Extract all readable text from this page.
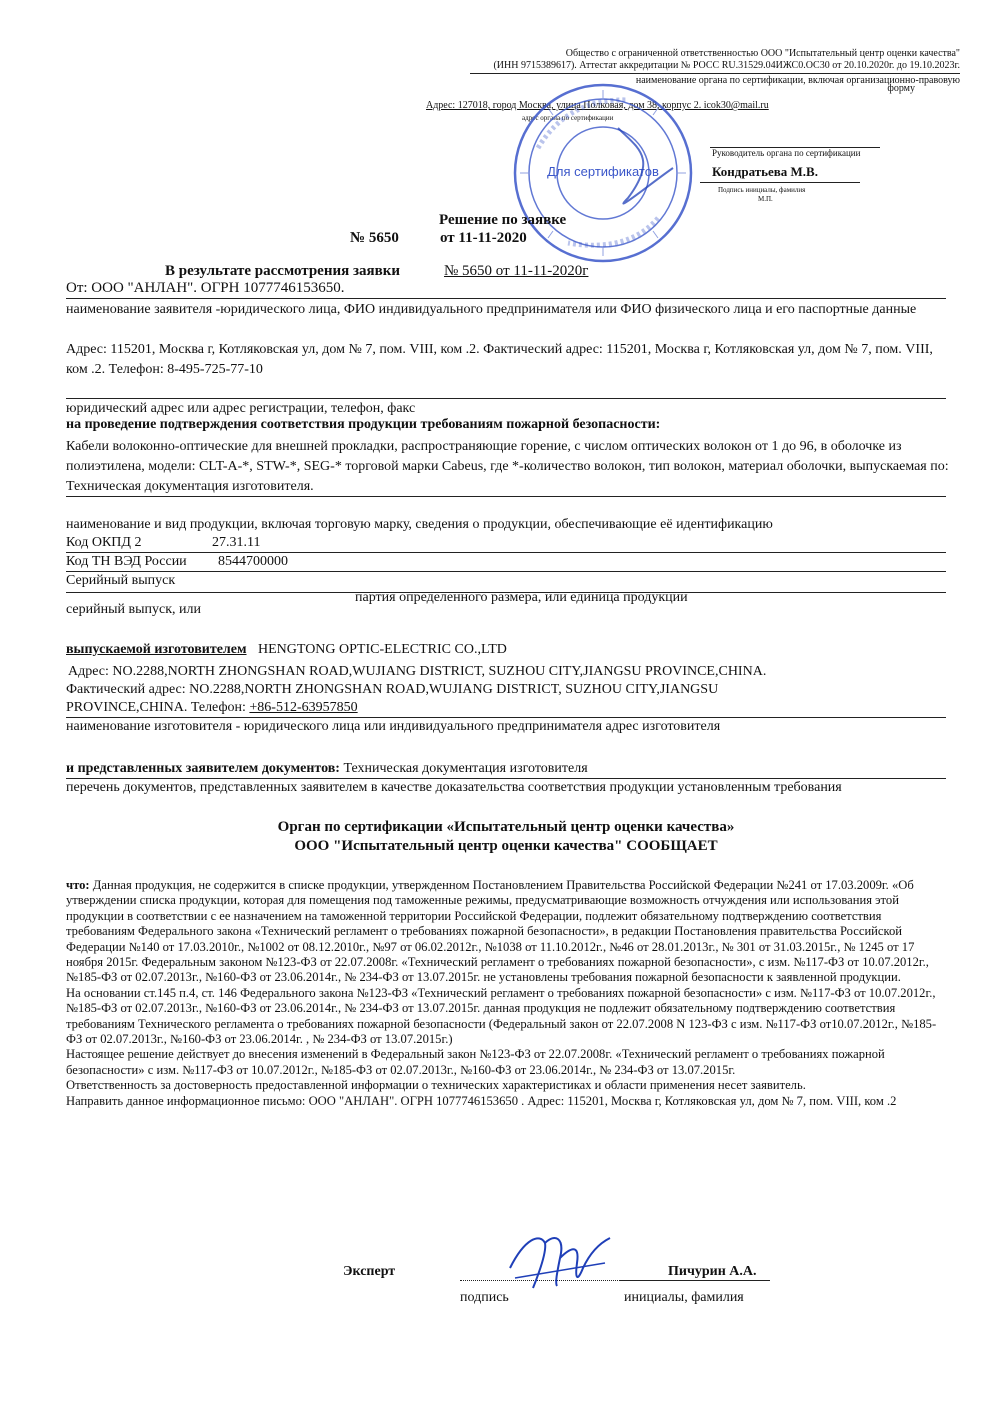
Общество с ограниченной ответственностью ООО "Испытательный центр оценки качества"
(ИНН 9715389617). Аттестат аккредитации № РОСС RU.31529.04ИЖС0.ОС30 от 20.10.2020г. до 19.10.2023г.
наименование органа по сертификации, включая организационно-правовую
форму
Адрес: 127018, город Москва, улица Полковая, дом 38, корпус 2. icok30@mail.ru
адрес органа по сертификации
Руководитель органа по сертификации
Кондратьева М.В.
Подпись инициалы, фамилия
М.П.
Для сертификатов
Решение по заявке
№ 5650	от 11-11-2020
В результате рассмотрения заявки	№ 5650 от 11-11-2020г
От: ООО "АНЛАН". ОГРН 1077746153650.
наименование заявителя -юридического лица, ФИО индивидуального предпринимателя или ФИО физического лица и его паспортные данные
Адрес: 115201, Москва г, Котляковская ул, дом № 7, пом. VIII, ком .2. Фактический адрес: 115201, Москва г, Котляковская ул, дом № 7, пом. VIII, ком .2. Телефон: 8-495-725-77-10
юридический адрес или адрес регистрации, телефон, факс
на проведение подтверждения соответствия продукции требованиям пожарной безопасности:
Кабели волоконно-оптические для внешней прокладки, распространяющие горение, с числом оптических волокон от 1 до 96, в оболочке из полиэтилена, модели: CLT-A-*, STW-*, SEG-* торговой марки Cabeus, где *-количество волокон, тип волокон, материал оболочки, выпускаемая по: Техническая документация изготовителя.
наименование и вид продукции, включая торговую марку, сведения о продукции, обеспечивающие её идентификацию
Код ОКПД 2	27.31.11
Код ТН ВЭД России 8544700000
Серийный выпуск
партия определенного размера, или единица продукции
серийный выпуск, или
выпускаемой изготовителем HENGTONG OPTIC-ELECTRIC CO.,LTD
Адрес: NO.2288,NORTH ZHONGSHAN ROAD,WUJIANG DISTRICT, SUZHOU CITY,JIANGSU PROVINCE,CHINA.
Фактический адрес: NO.2288,NORTH ZHONGSHAN ROAD,WUJIANG DISTRICT, SUZHOU CITY,JIANGSU
PROVINCE,CHINA. Телефон: +86-512-63957850
наименование изготовителя - юридического лица или индивидуального предпринимателя адрес изготовителя
и представленных заявителем документов: Техническая документация изготовителя
перечень документов, представленных заявителем в качестве доказательства соответствия продукции установленным требования
Орган по сертификации «Испытательный центр оценки качества»
ООО "Испытательный центр оценки качества" СООБЩАЕТ
что: Данная продукция, не содержится в списке продукции, утвержденном Постановлением Правительства Российской Федерации №241 от 17.03.2009г. «Об утверждении списка продукции, которая для помещения под таможенные режимы, предусматривающие возможность отчуждения или использования этой продукции в соответствии с ее назначением на таможенной территории Российской Федерации, подлежит обязательному подтверждению соответствия требованиям Федерального закона «Технический регламент о требованиях пожарной безопасности», в редакции Постановления правительства Российской Федерации №140 от 17.03.2010г., №1002 от 08.12.2010г., №97 от 06.02.2012г., №1038 от 11.10.2012г., №46 от 28.01.2013г., № 301 от 31.03.2015г., № 1245 от 17 ноября 2015г. Федеральным законом №123-ФЗ от 22.07.2008г. «Технический регламент о требованиях пожарной безопасности», с изм. №117-ФЗ от 10.07.2012г., №185-ФЗ от 02.07.2013г., №160-ФЗ от 23.06.2014г., № 234-ФЗ от 13.07.2015г. не установлены требования пожарной безопасности к заявленной продукции.
На основании ст.145 п.4, ст. 146 Федерального закона №123-ФЗ «Технический регламент о требованиях пожарной безопасности» с изм. №117-ФЗ от 10.07.2012г., №185-ФЗ от 02.07.2013г., №160-ФЗ от 23.06.2014г., № 234-ФЗ от 13.07.2015г. данная продукция не подлежит обязательному подтверждению соответствия требованиям Технического регламента о требованиях пожарной безопасности (Федеральный закон от 22.07.2008 N 123-ФЗ с изм. №117-ФЗ от10.07.2012г., №185-ФЗ от 02.07.2013г., №160-ФЗ от 23.06.2014г. , № 234-ФЗ от 13.07.2015г.)
Настоящее решение действует до внесения изменений в Федеральный закон №123-ФЗ от 22.07.2008г. «Технический регламент о требованиях пожарной безопасности» с изм. №117-ФЗ от 10.07.2012г., №185-ФЗ от 02.07.2013г., №160-ФЗ от 23.06.2014г., № 234-ФЗ от 13.07.2015г.
Ответственность за достоверность предоставленной информации о технических характеристиках и области применения несет заявитель.
Направить данное информационное письмо: ООО "АНЛАН". ОГРН 1077746153650 . Адрес: 115201, Москва г, Котляковская ул, дом № 7, пом. VIII, ком .2
Эксперт	Пичурин А.А.
подпись	инициалы, фамилия
